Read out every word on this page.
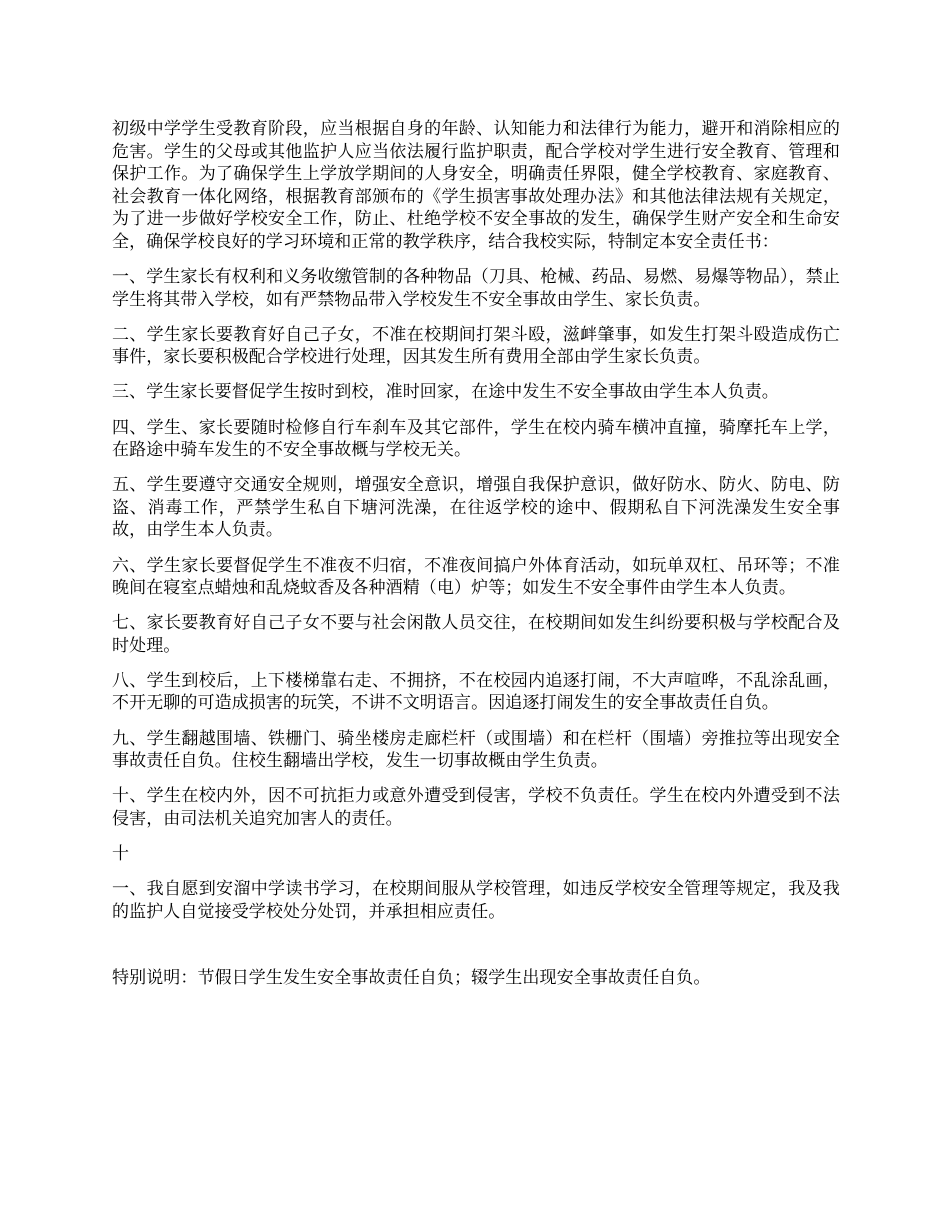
初级中学学生受教育阶段，应当根据自身的年龄、认知能力和法律行为能力，避开和消除相应的危害。学生的父母或其他监护人应当依法履行监护职责，配合学校对学生进行安全教育、管理和保护工作。为了确保学生上学放学期间的人身安全，明确责任界限，健全学校教育、家庭教育、社会教育一体化网络，根据教育部颁布的《学生损害事故处理办法》和其他法律法规有关规定，为了进一步做好学校安全工作，防止、杜绝学校不安全事故的发生，确保学生财产安全和生命安全，确保学校良好的学习环境和正常的教学秩序，结合我校实际，特制定本安全责任书：

一、学生家长有权利和义务收缴管制的各种物品（刀具、枪械、药品、易燃、易爆等物品），禁止学生将其带入学校，如有严禁物品带入学校发生不安全事故由学生、家长负责。

二、学生家长要教育好自己子女，不准在校期间打架斗殴，滋衅肇事，如发生打架斗殴造成伤亡事件，家长要积极配合学校进行处理，因其发生所有费用全部由学生家长负责。

三、学生家长要督促学生按时到校，准时回家，在途中发生不安全事故由学生本人负责。

四、学生、家长要随时检修自行车刹车及其它部件，学生在校内骑车横冲直撞，骑摩托车上学，在路途中骑车发生的不安全事故概与学校无关。

五、学生要遵守交通安全规则，增强安全意识，增强自我保护意识，做好防水、防火、防电、防盗、消毒工作，严禁学生私自下塘河洗澡，在往返学校的途中、假期私自下河洗澡发生安全事故，由学生本人负责。

六、学生家长要督促学生不准夜不归宿，不准夜间搞户外体育活动，如玩单双杠、吊环等；不准晚间在寝室点蜡烛和乱烧蚊香及各种酒精（电）炉等；如发生不安全事件由学生本人负责。

七、家长要教育好自己子女不要与社会闲散人员交往，在校期间如发生纠纷要积极与学校配合及时处理。

八、学生到校后，上下楼梯靠右走、不拥挤，不在校园内追逐打闹，不大声喧哗，不乱涂乱画，不开无聊的可造成损害的玩笑，不讲不文明语言。因追逐打闹发生的安全事故责任自负。

九、学生翻越围墙、铁栅门、骑坐楼房走廊栏杆（或围墙）和在栏杆（围墙）旁推拉等出现安全事故责任自负。住校生翻墙出学校，发生一切事故概由学生负责。

十、学生在校内外，因不可抗拒力或意外遭受到侵害，学校不负责任。学生在校内外遭受到不法侵害，由司法机关追究加害人的责任。

十

一、我自愿到安溜中学读书学习，在校期间服从学校管理，如违反学校安全管理等规定，我及我的监护人自觉接受学校处分处罚，并承担相应责任。

特别说明：节假日学生发生安全事故责任自负；辍学生出现安全事故责任自负。
